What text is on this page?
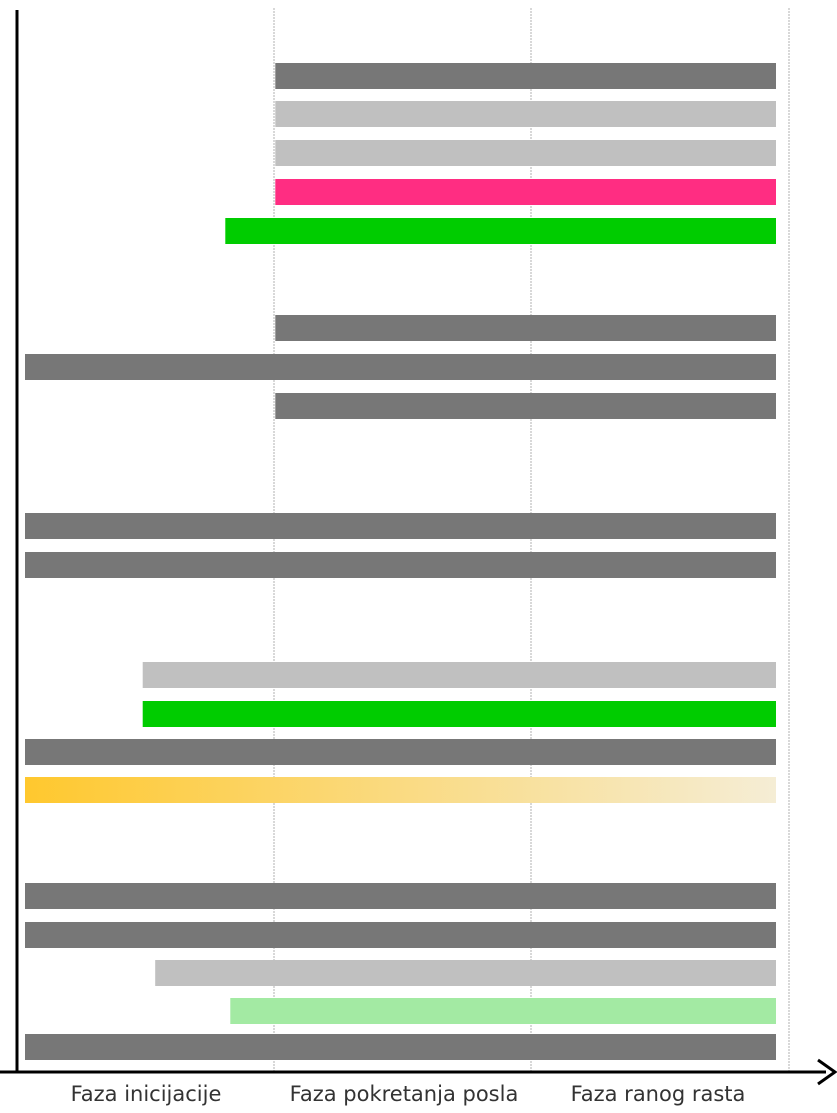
Faza inicijacije	Faza pokretanja posla Faza ranog rasta
